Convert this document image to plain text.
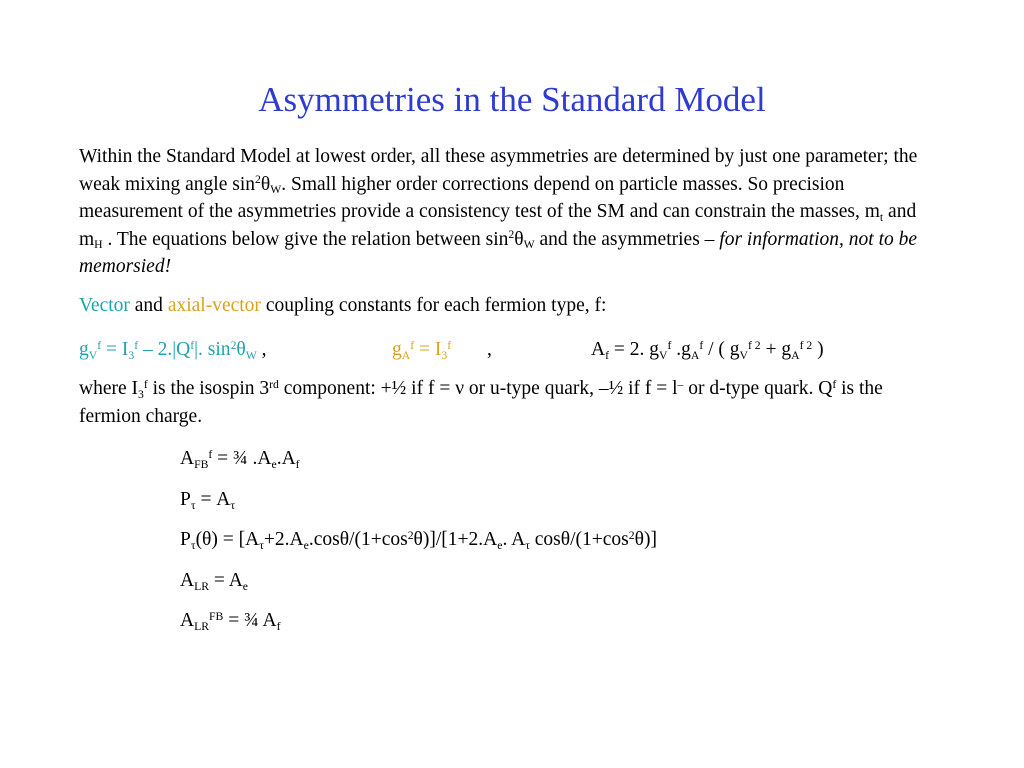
Asymmetries in the Standard Model
Within the Standard Model at lowest order, all these asymmetries are determined by just one parameter; the weak mixing angle $\sin^2\theta_W$. Small higher order corrections depend on particle masses. So precision measurement of the asymmetries provide a consistency test of the SM and can constrain the masses, $m_t$ and $m_H$ . The equations below give the relation between $\sin^2\theta_W$ and the asymmetries – for information, not to be memorsied!
Vector and axial-vector coupling constants for each fermion type, f:
$g_V^f = I_3^f - 2.|Q^f|$. $\sin^2\theta_W$ ,	$g_A^f = I_3^f$ ,	$A_f = 2$. $g_V^f$ $.g_A^f$ / ( $g_V^{f 2} + g_A^{f 2}$ )
where $I_3^f$ is the isospin 3rd component: +½ if f = ν or u-type quark, –½ if f = l– or d-type quark. $Q^f$ is the fermion charge.
$A_{FB}^f$ = ¾ $.A_e.A_f$
$P_\tau = A_\tau$
$P_\tau(\theta) = [A_\tau+2.A_e.\cos\theta/(1+\cos^2\theta)]/[1+2.A_e$. $A_\tau$ cosθ/$(1+\cos^2\theta)$]
$A_{LR} = A_e$
$A_{LR}^{FB}$ = ¾ $A_f$
